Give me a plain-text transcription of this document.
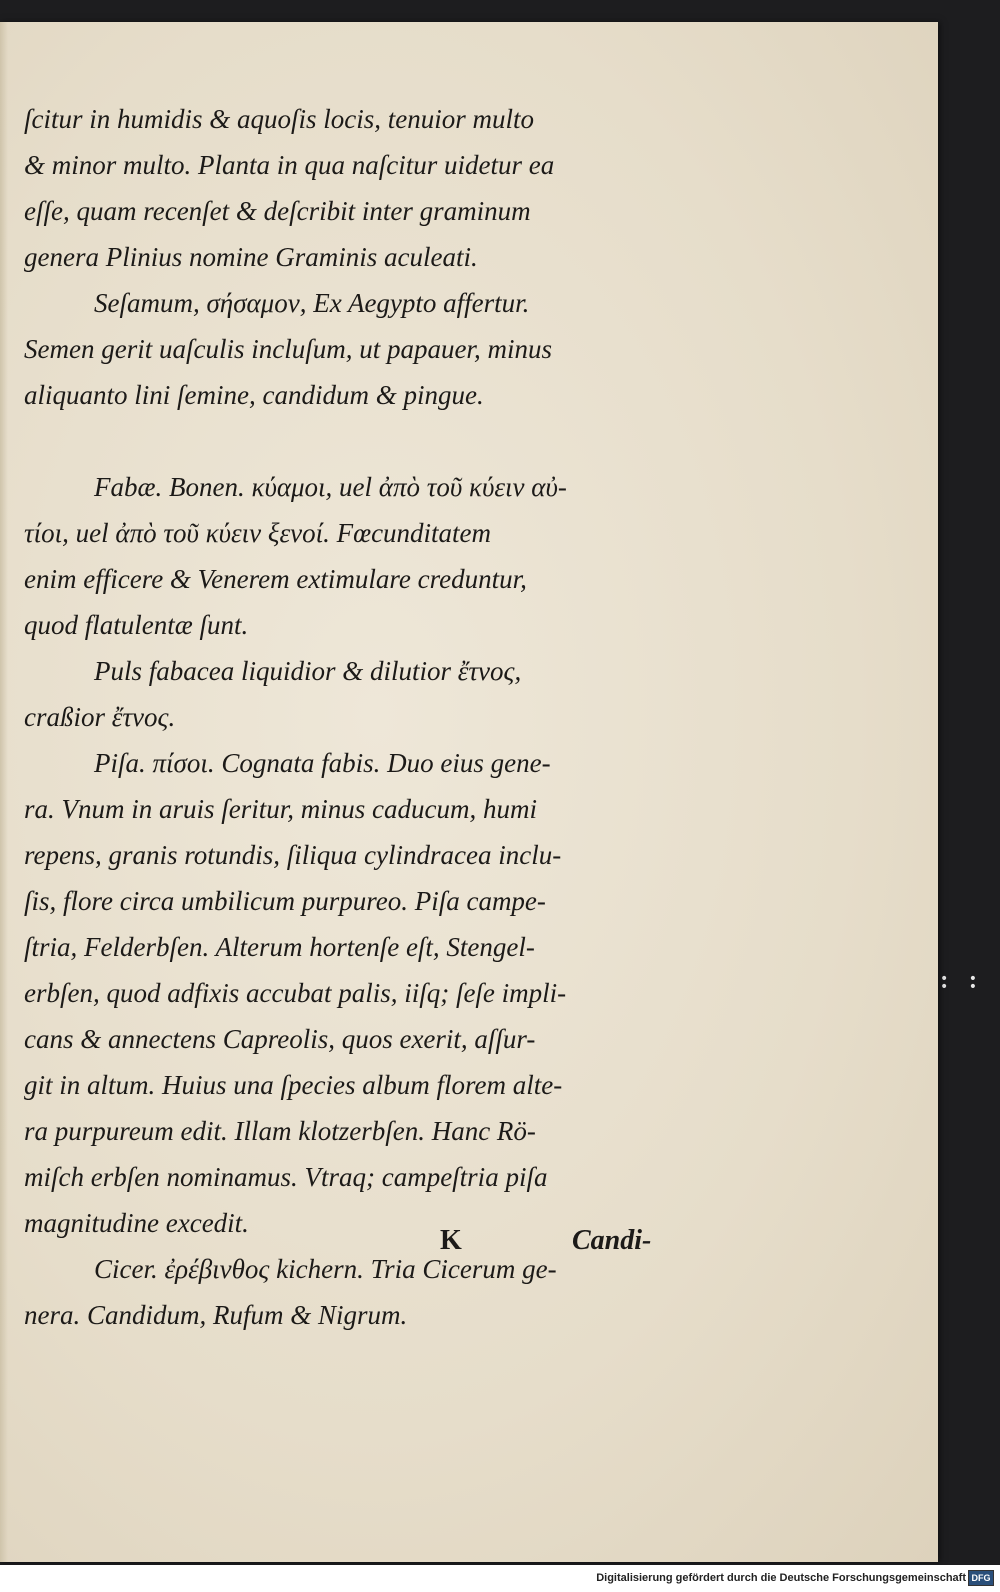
• • • •
ſcitur in humidis & aquoſis locis, tenuior multo
& minor multo. Planta in qua naſcitur uidetur ea
eſſe, quam recenſet & deſcribit inter graminum
genera Plinius nomine Graminis aculeati.
Seſamum, σήσαμον, Ex Aegypto affertur.
Semen gerit uaſculis incluſum, ut papauer, minus
aliquanto lini ſemine, candidum & pingue.
Fabæ. Bonen. κύαμοι, uel ἀπὸ τοῦ κύειν αὐ-
τίοι, uel ἀπὸ τοῦ κύειν ξενοί. Fœcunditatem
enim efficere & Venerem extimulare creduntur,
quod flatulentæ ſunt.
Puls fabacea liquidior & dilutior ἔτνος,
craßior ἔτνος.
Piſa. πίσοι. Cognata fabis. Duo eius gene-
ra. Vnum in aruis ſeritur, minus caducum, humi
repens, granis rotundis, ſiliqua cylindracea inclu-
ſis, flore circa umbilicum purpureo. Piſa campe-
ſtria, Felderbſen. Alterum hortenſe eſt, Stengel-
erbſen, quod adfixis accubat palis, iiſq; ſeſe impli-
cans & annectens Capreolis, quos exerit, aſſur-
git in altum. Huius una ſpecies album florem alte-
ra purpureum edit. Illam klotzerbſen. Hanc Rö-
miſch erbſen nominamus. Vtraq; campeſtria piſa
magnitudine excedit.
Cicer. ἐρέβινθος kichern. Tria Cicerum ge-
nera. Candidum, Rufum & Nigrum.
K	Candi-
Digitalisierung gefördert durch die Deutsche Forschungsgemeinschaft DFG
